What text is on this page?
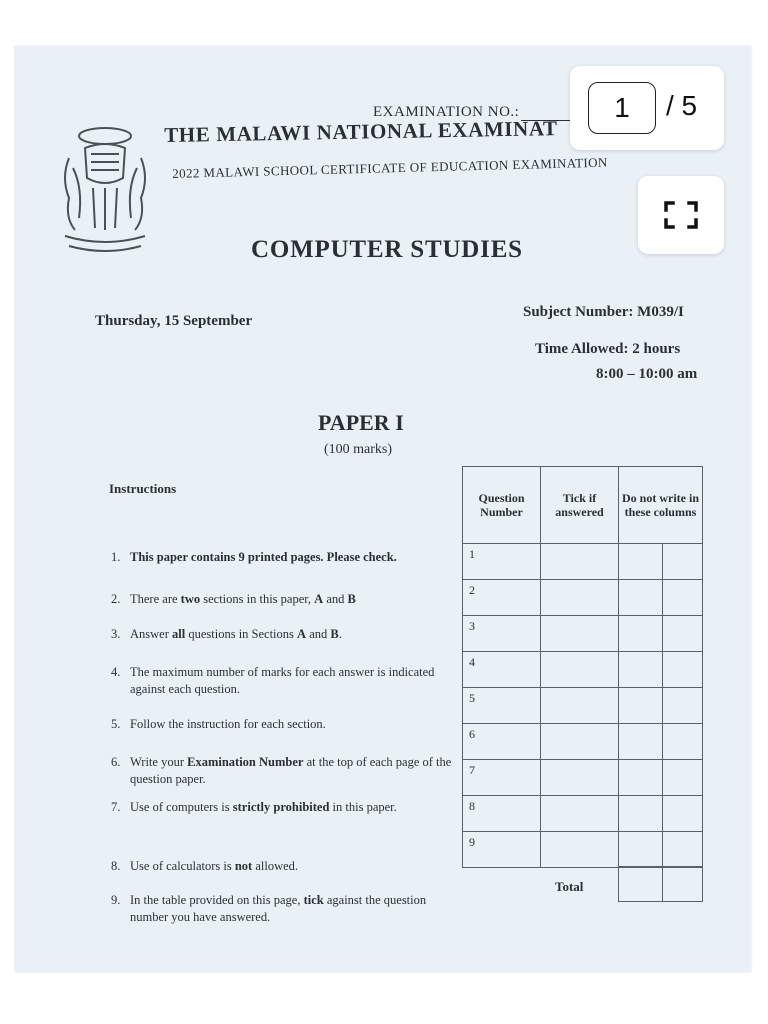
EXAMINATION NO.:
THE MALAWI NATIONAL EXAMINAT
2022 MALAWI SCHOOL CERTIFICATE OF EDUCATION EXAMINATION
COMPUTER STUDIES
Thursday, 15 September
Subject Number: M039/I
Time Allowed: 2 hours
8:00 – 10:00 am
PAPER I
(100 marks)
Instructions
1. This paper contains 9 printed pages. Please check.
2. There are two sections in this paper, A and B
3. Answer all questions in Sections A and B.
4. The maximum number of marks for each answer is indicated against each question.
5. Follow the instruction for each section.
6. Write your Examination Number at the top of each page of the question paper.
7. Use of computers is strictly prohibited in this paper.
8. Use of calculators is not allowed.
9. In the table provided on this page, tick against the question number you have answered.
Question Number
Tick if answered
Do not write in these columns
1
2
3
4
5
6
7
8
9
Total
1	/ 5
